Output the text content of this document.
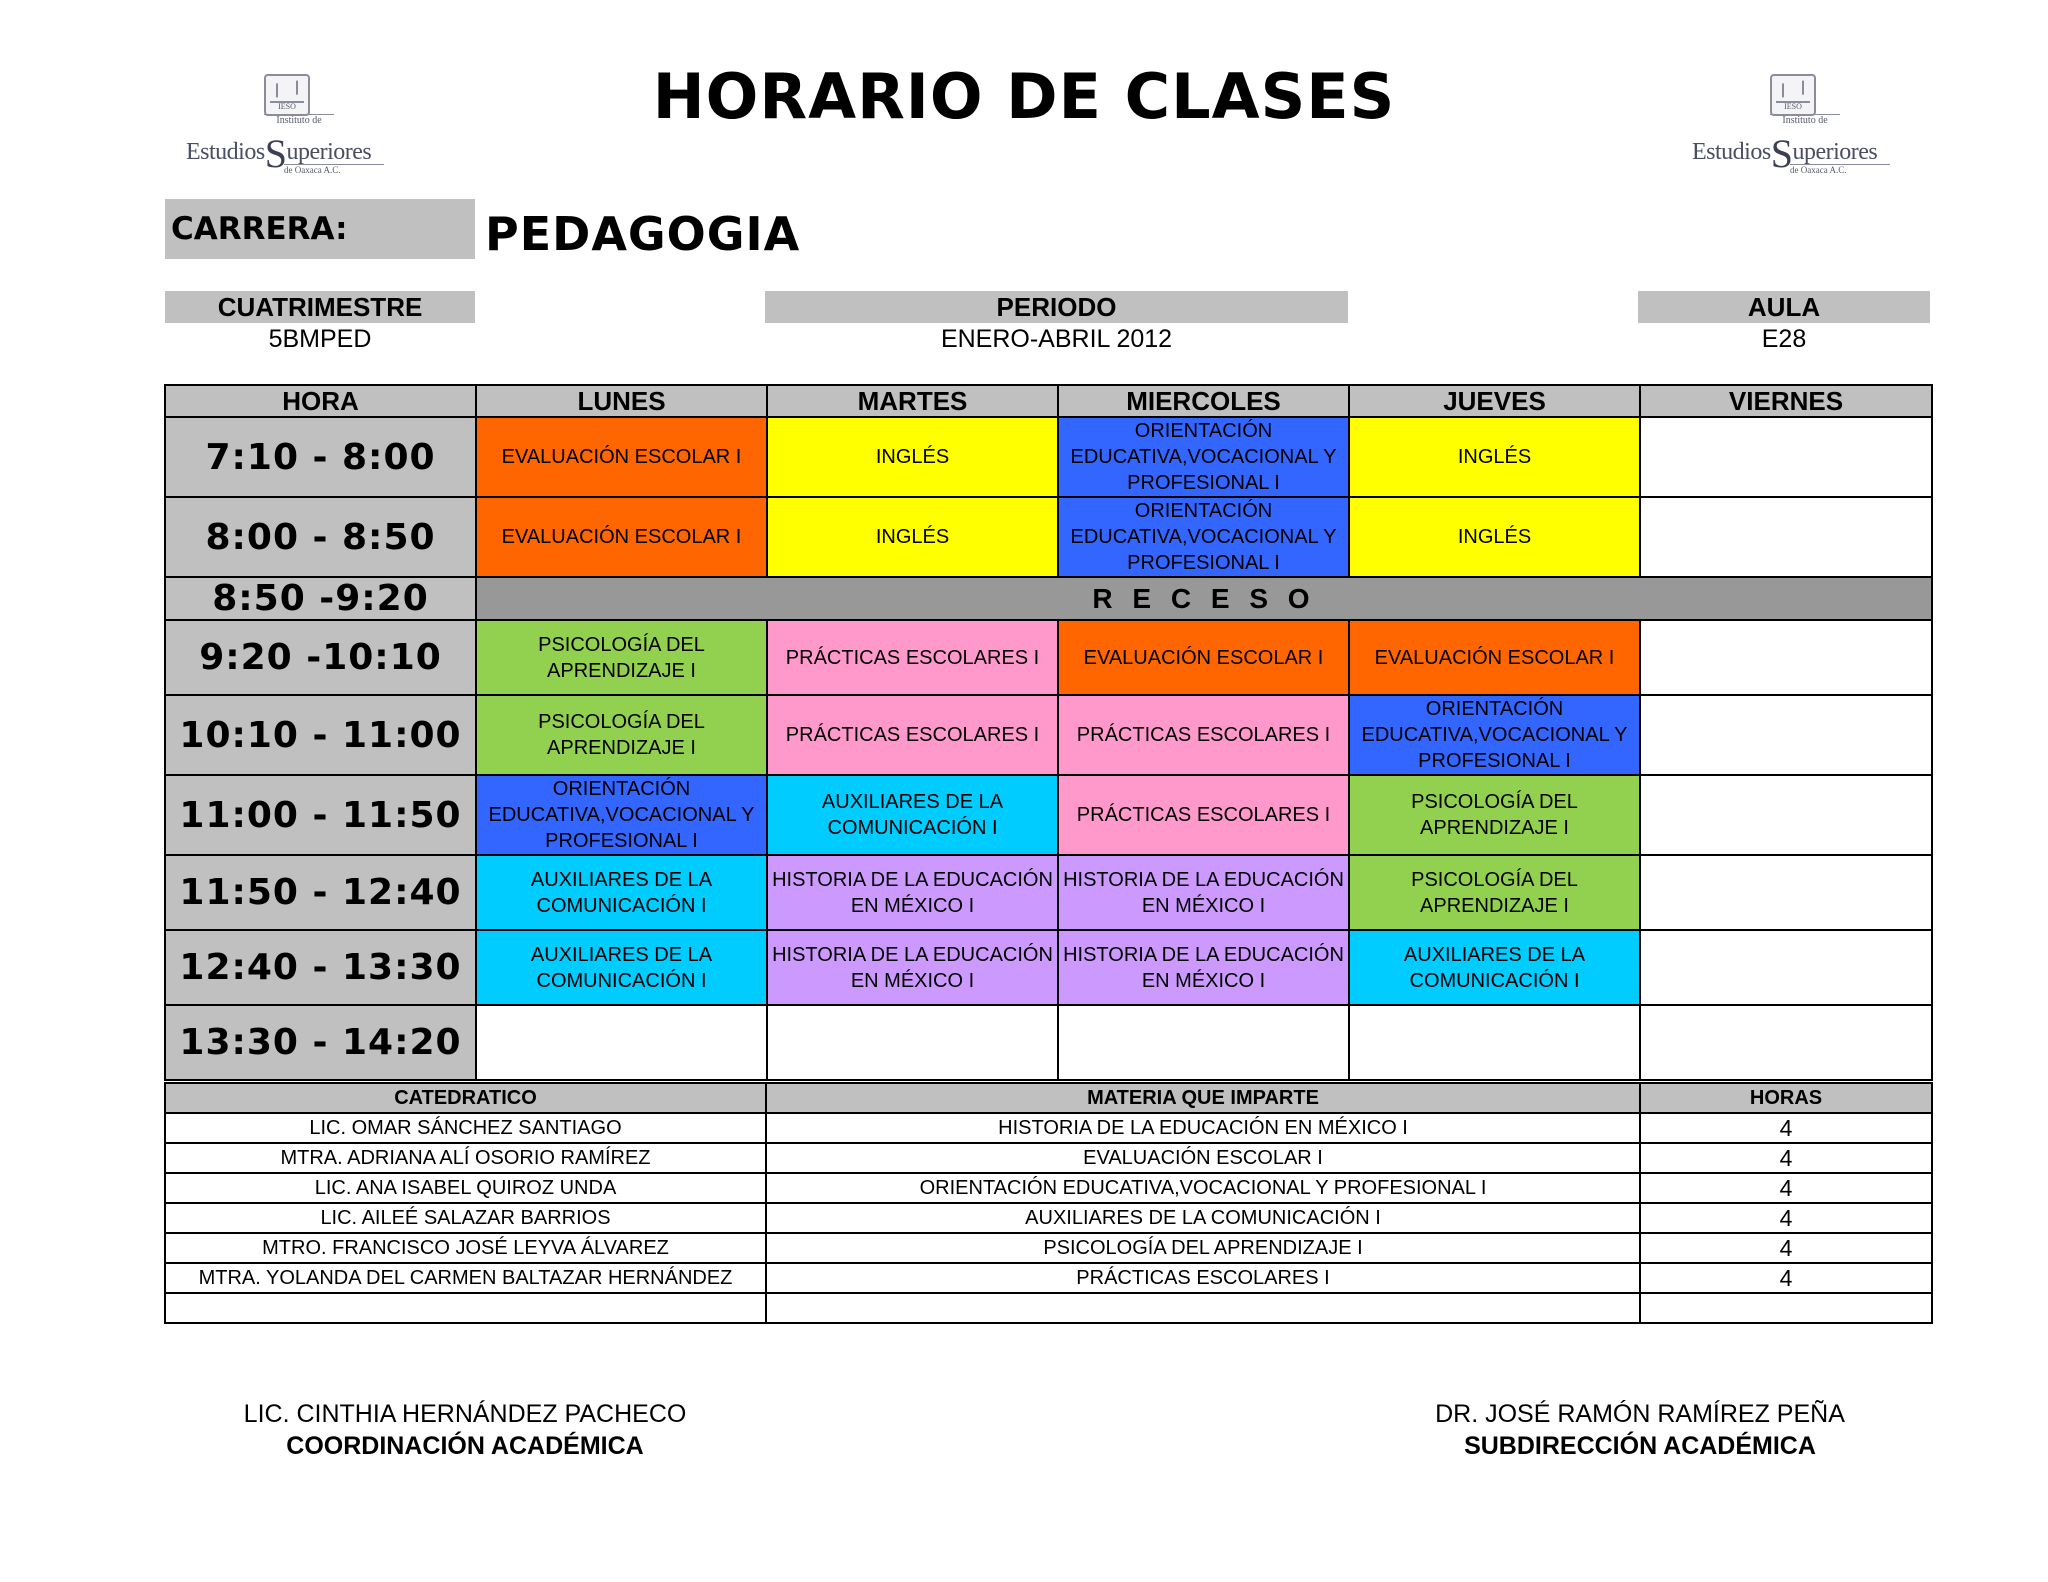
IESO
Instituto de
EstudiosSuperiores
de Oaxaca A.C.
IESO
Instituto de
EstudiosSuperiores
de Oaxaca A.C.
HORARIO DE CLASES
CARRERA:	PEDAGOGIA
CUATRIMESTRE
5BMPED
PERIODO
ENERO-ABRIL 2012
AULA
E28
HORA	LUNES	MARTES	MIERCOLES	JUEVES	VIERNES
7:10 - 8:00	EVALUACIÓN ESCOLAR I	INGLÉS	ORIENTACIÓN EDUCATIVA,VOCACIONAL Y PROFESIONAL I	INGLÉS	
8:00 - 8:50	EVALUACIÓN ESCOLAR I	INGLÉS	ORIENTACIÓN EDUCATIVA,VOCACIONAL Y PROFESIONAL I	INGLÉS	
8:50 -9:20	R E C E S O				
9:20 -10:10	PSICOLOGÍA DEL APRENDIZAJE I	PRÁCTICAS ESCOLARES I	EVALUACIÓN ESCOLAR I	EVALUACIÓN ESCOLAR I	
10:10 - 11:00	PSICOLOGÍA DEL APRENDIZAJE I	PRÁCTICAS ESCOLARES I	PRÁCTICAS ESCOLARES I	ORIENTACIÓN EDUCATIVA,VOCACIONAL Y PROFESIONAL I	
11:00 - 11:50	ORIENTACIÓN EDUCATIVA,VOCACIONAL Y PROFESIONAL I	AUXILIARES DE LA COMUNICACIÓN I	PRÁCTICAS ESCOLARES I	PSICOLOGÍA DEL APRENDIZAJE I	
11:50 - 12:40	AUXILIARES DE LA COMUNICACIÓN I	HISTORIA DE LA EDUCACIÓN EN MÉXICO I	HISTORIA DE LA EDUCACIÓN EN MÉXICO I	PSICOLOGÍA DEL APRENDIZAJE I	
12:40 - 13:30	AUXILIARES DE LA COMUNICACIÓN I	HISTORIA DE LA EDUCACIÓN EN MÉXICO I	HISTORIA DE LA EDUCACIÓN EN MÉXICO I	AUXILIARES DE LA COMUNICACIÓN I	
13:30 - 14:20					
CATEDRATICO	MATERIA QUE IMPARTE	HORAS
LIC. OMAR SÁNCHEZ SANTIAGO	HISTORIA DE LA EDUCACIÓN EN MÉXICO I	4
MTRA. ADRIANA ALÍ OSORIO RAMÍREZ	EVALUACIÓN ESCOLAR I	4
LIC. ANA ISABEL QUIROZ UNDA	ORIENTACIÓN EDUCATIVA,VOCACIONAL Y PROFESIONAL I	4
LIC. AILEÉ SALAZAR BARRIOS	AUXILIARES DE LA COMUNICACIÓN I	4
MTRO. FRANCISCO JOSÉ LEYVA ÁLVAREZ	PSICOLOGÍA DEL APRENDIZAJE I	4
MTRA. YOLANDA DEL CARMEN BALTAZAR HERNÁNDEZ	PRÁCTICAS ESCOLARES I	4

LIC. CINTHIA HERNÁNDEZ PACHECO
COORDINACIÓN ACADÉMICA
DR. JOSÉ RAMÓN RAMÍREZ PEÑA
SUBDIRECCIÓN ACADÉMICA
